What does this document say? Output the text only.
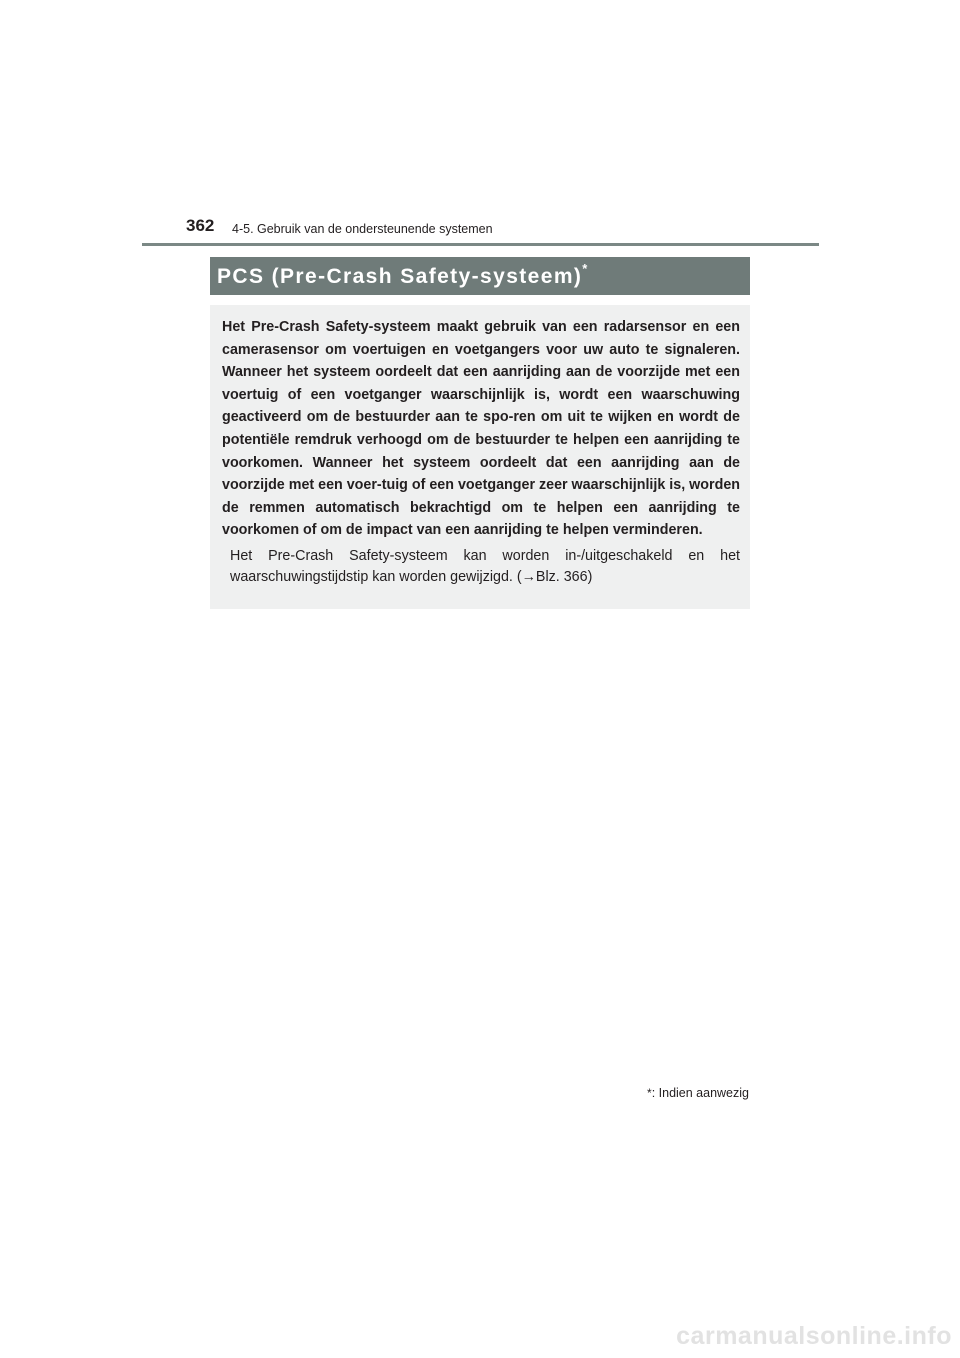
362 4-5. Gebruik van de ondersteunende systemen
PCS (Pre-Crash Safety-systeem)*

Het Pre-Crash Safety-systeem maakt gebruik van een radarsensor en een camerasensor om voertuigen en voetgangers voor uw auto te signaleren. Wanneer het systeem oordeelt dat een aanrijding aan de voorzijde met een voertuig of een voetganger waarschijnlijk is, wordt een waarschuwing geactiveerd om de bestuurder aan te spo-ren om uit te wijken en wordt de potentiële remdruk verhoogd om de bestuurder te helpen een aanrijding te voorkomen. Wanneer het systeem oordeelt dat een aanrijding aan de voorzijde met een voer-tuig of een voetganger zeer waarschijnlijk is, worden de remmen automatisch bekrachtigd om te helpen een aanrijding te voorkomen of om de impact van een aanrijding te helpen verminderen.

Het Pre-Crash Safety-systeem kan worden in-/uitgeschakeld en het waarschuwingstijdstip kan worden gewijzigd. (→Blz. 366)

*: Indien aanwezig
carmanualsonline.info
